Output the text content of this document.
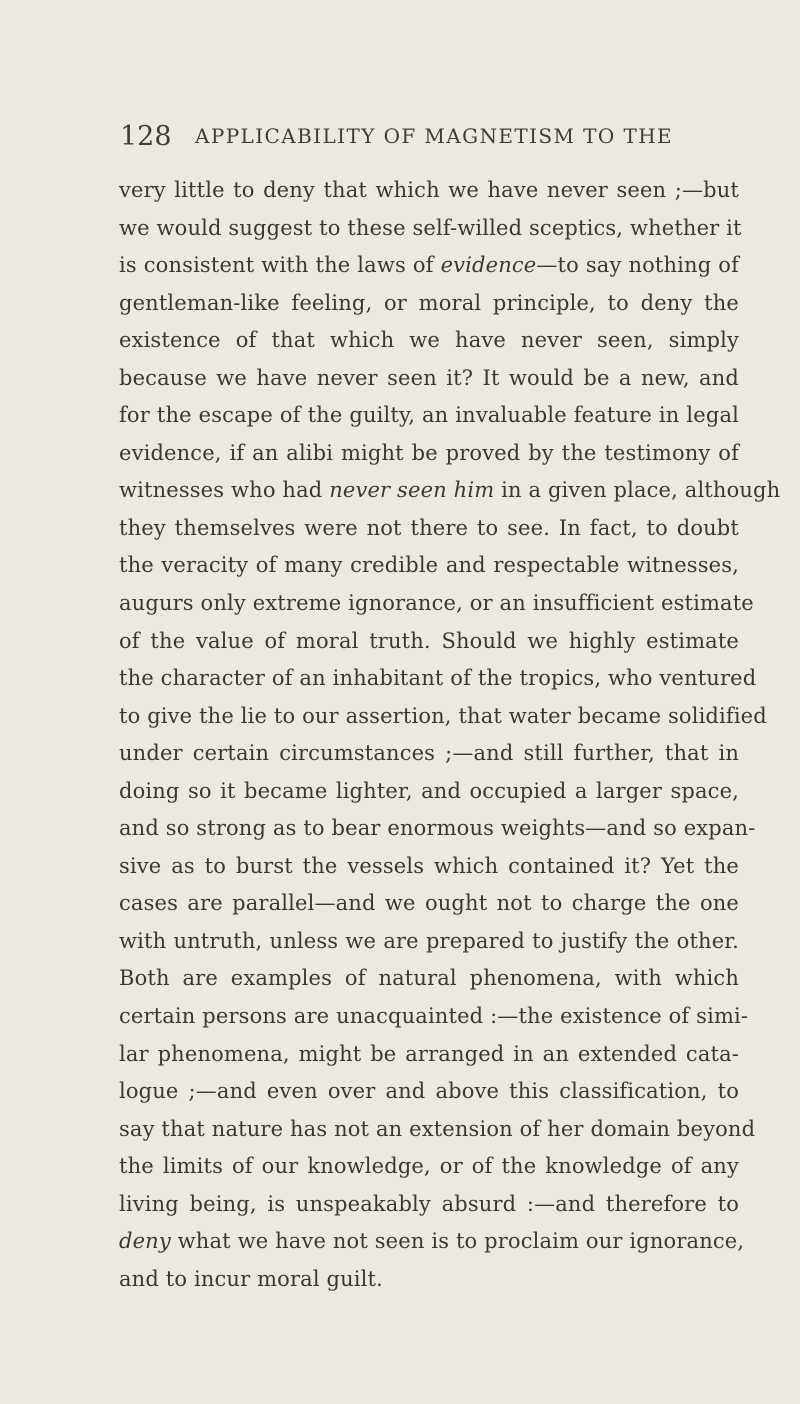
128	APPLICABILITY OF MAGNETISM TO THE
very little to deny that which we have never seen ;—but
we would suggest to these self-willed sceptics, whether it
is consistent with the laws of evidence—to say nothing of
gentleman-like feeling, or moral principle, to deny the
existence of that which we have never seen, simply
because we have never seen it? It would be a new, and
for the escape of the guilty, an invaluable feature in legal
evidence, if an alibi might be proved by the testimony of
witnesses who had never seen him in a given place, although
they themselves were not there to see. In fact, to doubt
the veracity of many credible and respectable witnesses,
augurs only extreme ignorance, or an insufficient estimate
of the value of moral truth. Should we highly estimate
the character of an inhabitant of the tropics, who ventured
to give the lie to our assertion, that water became solidified
under certain circumstances ;—and still further, that in
doing so it became lighter, and occupied a larger space,
and so strong as to bear enormous weights—and so expan-
sive as to burst the vessels which contained it? Yet the
cases are parallel—and we ought not to charge the one
with untruth, unless we are prepared to justify the other.
Both are examples of natural phenomena, with which
certain persons are unacquainted :—the existence of simi-
lar phenomena, might be arranged in an extended cata-
logue ;—and even over and above this classification, to
say that nature has not an extension of her domain beyond
the limits of our knowledge, or of the knowledge of any
living being, is unspeakably absurd :—and therefore to
deny what we have not seen is to proclaim our ignorance,
and to incur moral guilt.
